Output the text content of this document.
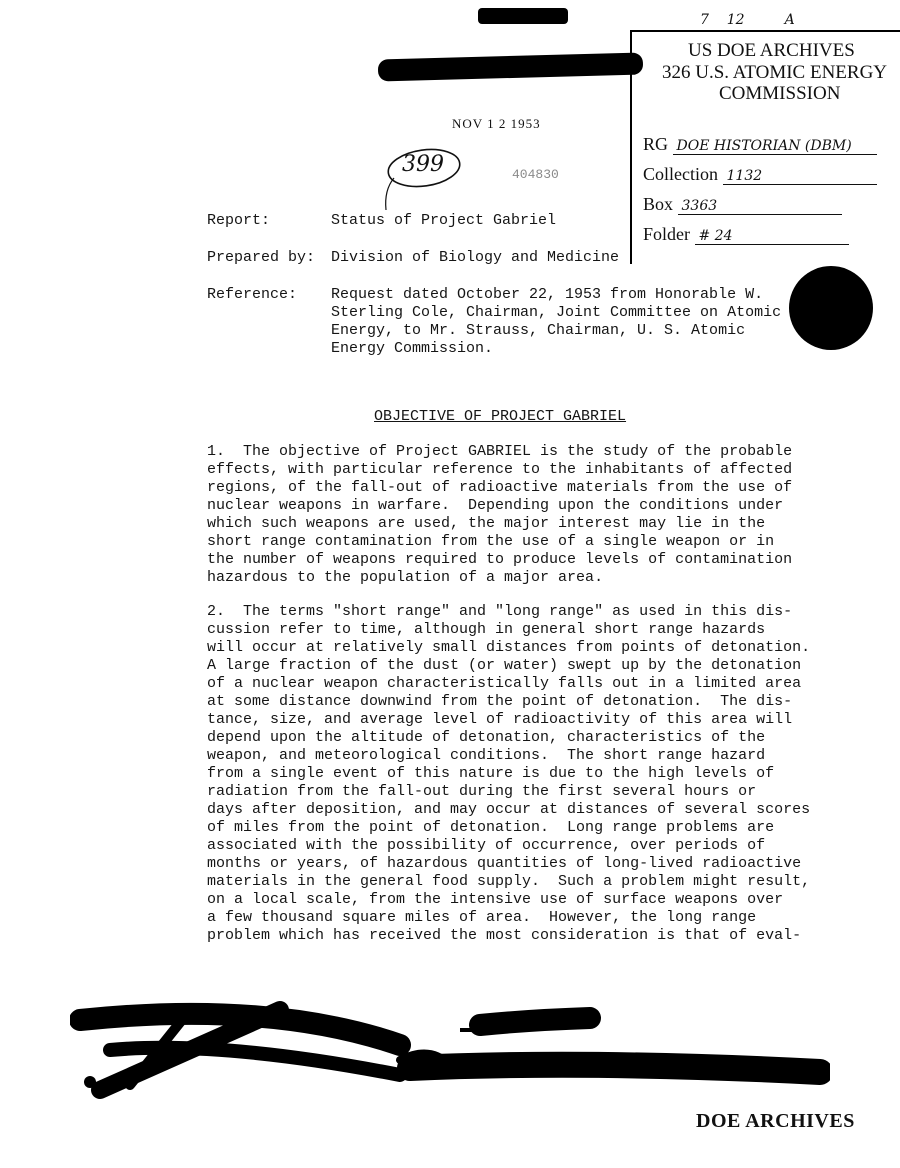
7    12         A
US DOE ARCHIVES
326 U.S. ATOMIC ENERGY
COMMISSION
RG DOE HISTORIAN (DBM)
Collection 1132
Box 3363
Folder # 24
NOV 1 2 1953
399	404830
Report:	Status of Project Gabriel
Prepared by: Division of Biology and Medicine
Reference: Request dated October 22, 1953 from Honorable W.
Sterling Cole, Chairman, Joint Committee on Atomic
Energy, to Mr. Strauss, Chairman, U. S. Atomic
Energy Commission.
OBJECTIVE OF PROJECT GABRIEL
1.  The objective of Project GABRIEL is the study of the probable
effects, with particular reference to the inhabitants of affected
regions, of the fall-out of radioactive materials from the use of
nuclear weapons in warfare.  Depending upon the conditions under
which such weapons are used, the major interest may lie in the
short range contamination from the use of a single weapon or in
the number of weapons required to produce levels of contamination
hazardous to the population of a major area.
2.  The terms "short range" and "long range" as used in this dis-
cussion refer to time, although in general short range hazards
will occur at relatively small distances from points of detonation.
A large fraction of the dust (or water) swept up by the detonation
of a nuclear weapon characteristically falls out in a limited area
at some distance downwind from the point of detonation.  The dis-
tance, size, and average level of radioactivity of this area will
depend upon the altitude of detonation, characteristics of the
weapon, and meteorological conditions.  The short range hazard
from a single event of this nature is due to the high levels of
radiation from the fall-out during the first several hours or
days after deposition, and may occur at distances of several scores
of miles from the point of detonation.  Long range problems are
associated with the possibility of occurrence, over periods of
months or years, of hazardous quantities of long-lived radioactive
materials in the general food supply.  Such a problem might result,
on a local scale, from the intensive use of surface weapons over
a few thousand square miles of area.  However, the long range
problem which has received the most consideration is that of eval-
DOE ARCHIVES
